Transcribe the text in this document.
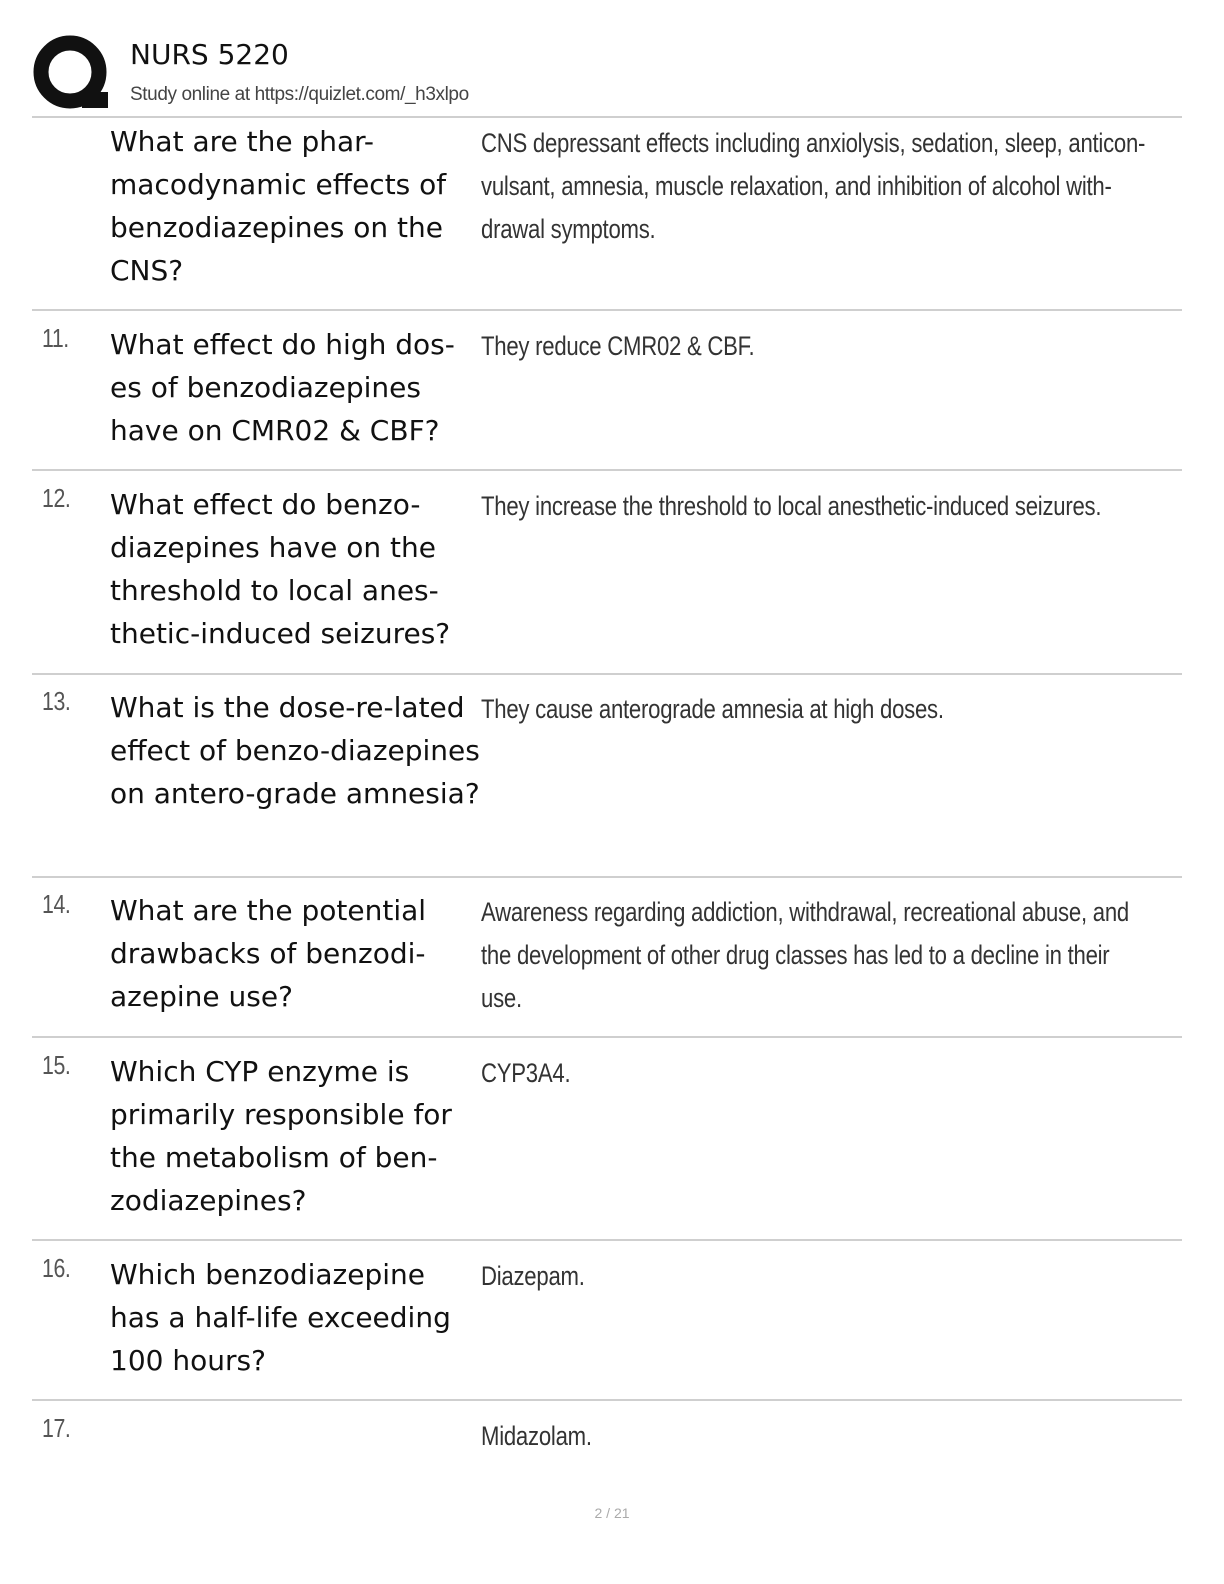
NURS 5220
Study online at https://quizlet.com/_h3xlpo
What are the phar-macodynamic effects of benzodiazepines on the CNS?
CNS depressant effects including anxiolysis, sedation, sleep, anticon-vulsant, amnesia, muscle relaxation, and inhibition of alcohol with-drawal symptoms.
11. What effect do high dos-es of benzodiazepines have on CMR02 & CBF?
They reduce CMR02 & CBF.
12. What effect do benzo-diazepines have on the threshold to local anes-thetic-induced seizures?
They increase the threshold to local anesthetic-induced seizures.
13. What is the dose-re-lated effect of benzo-diazepines on antero-grade amnesia?
They cause anterograde amnesia at high doses.
14. What are the potential drawbacks of benzodi-azepine use?
Awareness regarding addiction, withdrawal, recreational abuse, and the development of other drug classes has led to a decline in their use.
15. Which CYP enzyme is primarily responsible for the metabolism of ben-zodiazepines?
CYP3A4.
16. Which benzodiazepine has a half-life exceeding 100 hours?
Diazepam.
17.	Midazolam.
2 / 21
